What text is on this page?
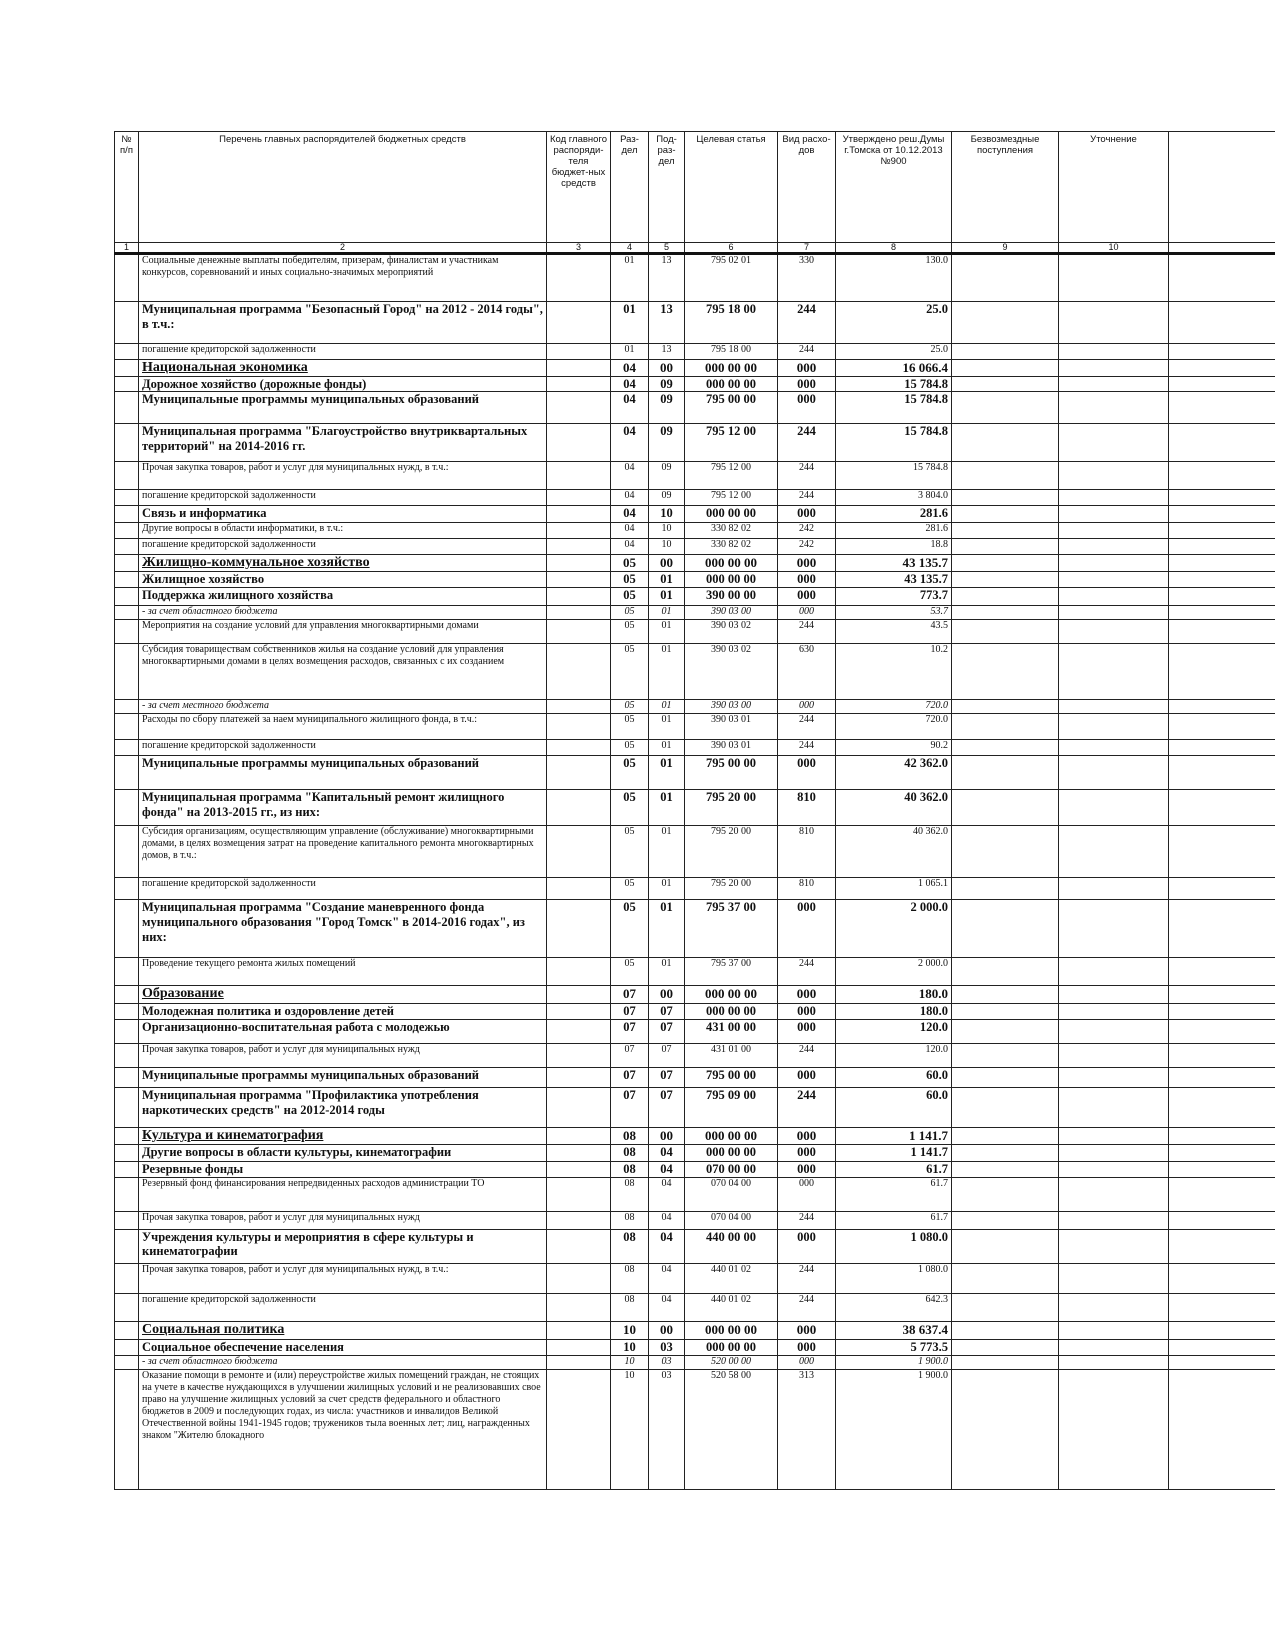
№ п/п	Перечень главных распорядителей бюджетных средств	Код главного распоряди-теля бюджет-ных средств	Раз-дел	Под-раз-дел	Целевая статья	Вид расхо-дов	Утверждено реш.Думы г.Томска от 10.12.2013 №900	Безвозмездные поступления	Уточнение	
1	2	3	4	5	6	7	8	9	10	
	Социальные денежные выплаты победителям, призерам, финалистам и участникам конкурсов, соревнований и иных социально-значимых мероприятий		01	13	795 02 01	330	130.0			
	Муниципальная программа "Безопасный Город" на 2012 - 2014 годы", в т.ч.:		01	13	795 18 00	244	25.0			
	погашение кредиторской задолженности		01	13	795 18 00	244	25.0			
	Национальная экономика		04	00	000 00 00	000	16 066.4			
	Дорожное хозяйство (дорожные фонды)		04	09	000 00 00	000	15 784.8			
	Муниципальные программы муниципальных образований		04	09	795 00 00	000	15 784.8			
	Муниципальная программа "Благоустройство внутриквартальных территорий" на 2014-2016 гг.		04	09	795 12 00	244	15 784.8			
	Прочая закупка товаров, работ и услуг для муниципальных нужд, в т.ч.:		04	09	795 12 00	244	15 784.8			
	погашение кредиторской задолженности		04	09	795 12 00	244	3 804.0			
	Связь и информатика		04	10	000 00 00	000	281.6			
	Другие вопросы в области информатики, в т.ч.:		04	10	330 82 02	242	281.6			
	погашение кредиторской задолженности		04	10	330 82 02	242	18.8			
	Жилищно-коммунальное хозяйство		05	00	000 00 00	000	43 135.7			
	Жилищное хозяйство		05	01	000 00 00	000	43 135.7			
	Поддержка жилищного хозяйства		05	01	390 00 00	000	773.7			
	- за счет областного бюджета		05	01	390 03 00	000	53.7			
	Мероприятия на создание условий для управления многоквартирными домами		05	01	390 03 02	244	43.5			
	Субсидия товариществам собственников жилья на создание условий для управления многоквартирными домами в целях возмещения расходов, связанных с их созданием		05	01	390 03 02	630	10.2			
	- за счет местного бюджета		05	01	390 03 00	000	720.0			
	Расходы по сбору платежей за наем муниципального жилищного фонда, в т.ч.:		05	01	390 03 01	244	720.0			
	погашение кредиторской задолженности		05	01	390 03 01	244	90.2			
	Муниципальные программы муниципальных образований		05	01	795 00 00	000	42 362.0			
	Муниципальная программа "Капитальный ремонт жилищного фонда" на 2013-2015 гг., из них:		05	01	795 20 00	810	40 362.0			
	Субсидия организациям, осуществляющим управление (обслуживание) многоквартирными домами, в целях возмещения затрат на проведение капитального ремонта многоквартирных домов, в т.ч.:		05	01	795 20 00	810	40 362.0			
	погашение кредиторской задолженности		05	01	795 20 00	810	1 065.1			
	Муниципальная программа "Создание маневренного фонда муниципального образования "Город Томск" в 2014-2016 годах", из них:		05	01	795 37 00	000	2 000.0			
	Проведение текущего ремонта жилых помещений		05	01	795 37 00	244	2 000.0			
	Образование		07	00	000 00 00	000	180.0			
	Молодежная политика и оздоровление детей		07	07	000 00 00	000	180.0			
	Организационно-воспитательная работа с молодежью		07	07	431 00 00	000	120.0			
	Прочая закупка товаров, работ и услуг для муниципальных нужд		07	07	431 01 00	244	120.0			
	Муниципальные программы муниципальных образований		07	07	795 00 00	000	60.0			
	Муниципальная программа "Профилактика употребления наркотических средств" на 2012-2014 годы		07	07	795 09 00	244	60.0			
	Культура и кинематография		08	00	000 00 00	000	1 141.7			
	Другие вопросы в области культуры, кинематографии		08	04	000 00 00	000	1 141.7			
	Резервные фонды		08	04	070 00 00	000	61.7			
	Резервный фонд финансирования непредвиденных расходов администрации ТО		08	04	070 04 00	000	61.7			
	Прочая закупка товаров, работ и услуг для муниципальных нужд		08	04	070 04 00	244	61.7			
	Учреждения культуры и мероприятия в сфере культуры и кинематографии		08	04	440 00 00	000	1 080.0			
	Прочая закупка товаров, работ и услуг для муниципальных нужд, в т.ч.:		08	04	440 01 02	244	1 080.0			
	погашение кредиторской задолженности		08	04	440 01 02	244	642.3			
	Социальная политика		10	00	000 00 00	000	38 637.4			
	Социальное обеспечение населения		10	03	000 00 00	000	5 773.5			
	- за счет областного бюджета		10	03	520 00 00	000	1 900.0			
	Оказание помощи в ремонте и (или) переустройстве жилых помещений граждан, не стоящих на учете в качестве нуждающихся в улучшении жилищных условий и не реализовавших свое право на улучшение жилищных условий за счет средств федерального и областного бюджетов в 2009 и последующих годах, из числа: участников и инвалидов Великой Отечественной войны 1941-1945 годов; тружеников тыла военных лет; лиц, награжденных знаком "Жителю блокадного		10	03	520 58 00	313	1 900.0			
